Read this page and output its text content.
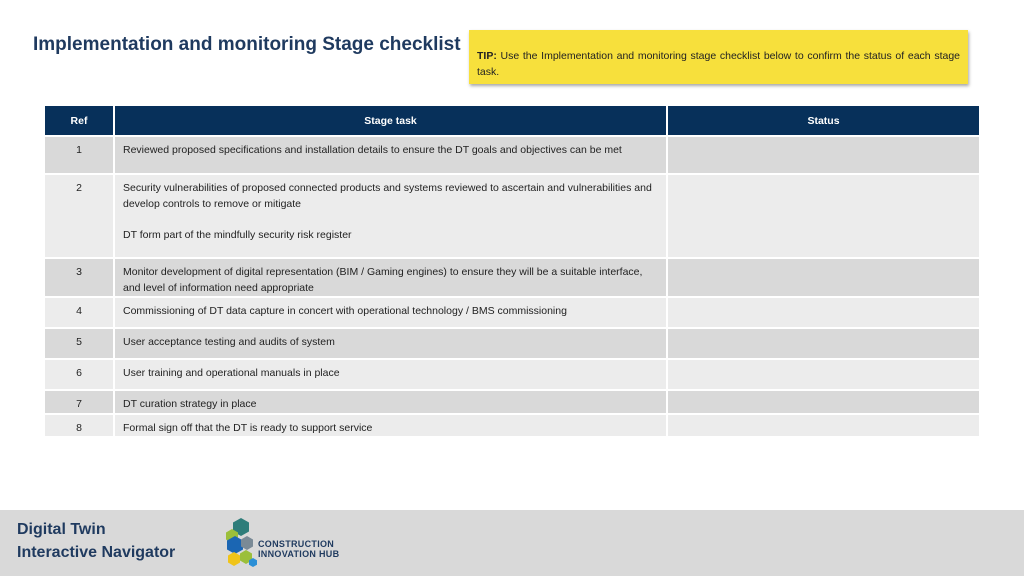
Implementation and monitoring Stage checklist
TIP: Use the Implementation and monitoring stage checklist below to confirm the status of each stage task.
Ref	Stage task	Status
1	Reviewed proposed specifications and installation details to ensure the DT goals and objectives can be met	

2	Security vulnerabilities of proposed connected products and systems reviewed to ascertain and vulnerabilities and develop controls to remove or mitigate
DT form part of the mindfully security risk register	

3	Monitor development of digital representation (BIM / Gaming engines) to ensure they will be a suitable interface, and level of information need appropriate	

4	Commissioning of DT data capture in concert with operational technology / BMS commissioning	

5	User acceptance testing and audits of system	

6	User training and operational manuals in place	

7	DT curation strategy in place	

8	Formal sign off that the DT is ready to support service	

Digital Twin
Interactive Navigator	CONSTRUCTION
INNOVATION HUB
